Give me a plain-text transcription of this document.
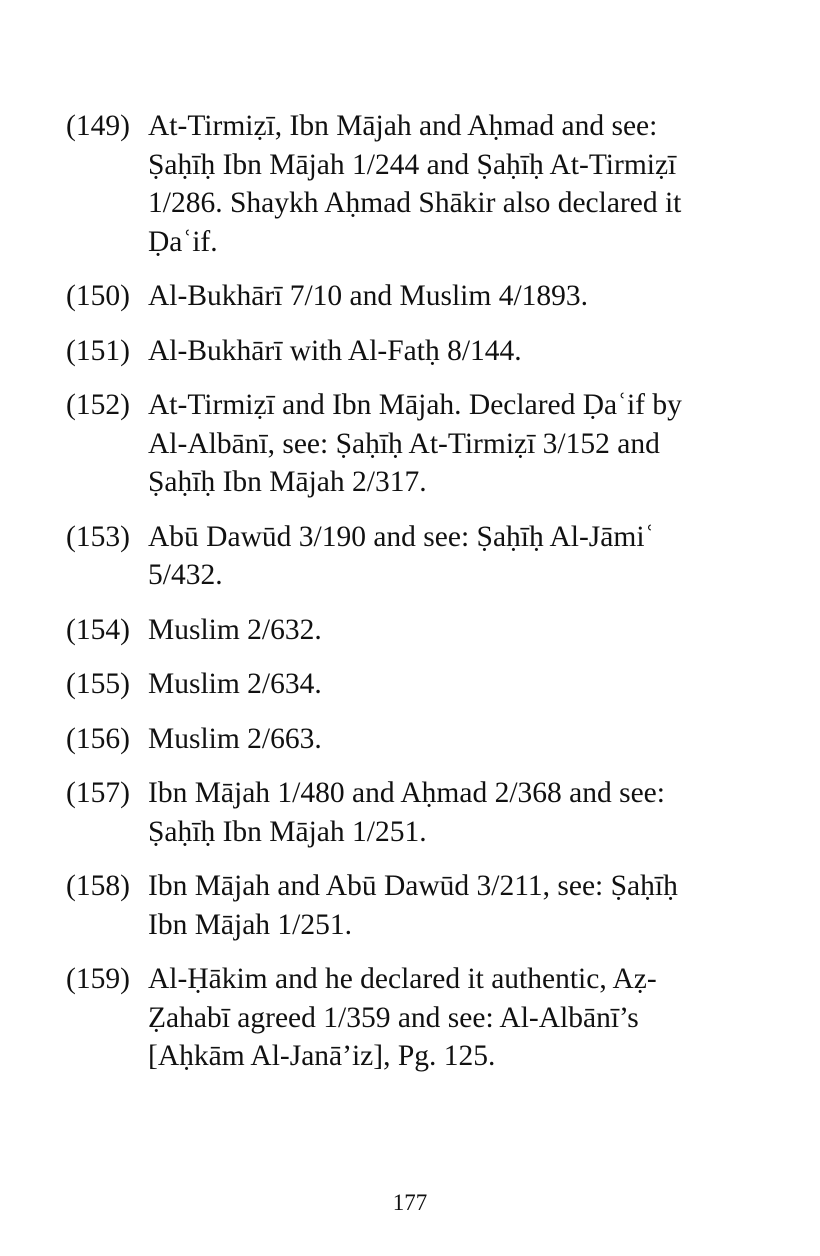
(149) At-Tirmiẓī, Ibn Mājah and Aḥmad and see:
Ṣaḥīḥ Ibn Mājah 1/244 and Ṣaḥīḥ At-Tirmiẓī
1/286. Shaykh Aḥmad Shākir also declared it
Ḍaʿif.
(150) Al-Bukhārī 7/10 and Muslim 4/1893.
(151) Al-Bukhārī with Al-Fatḥ 8/144.
(152) At-Tirmiẓī and Ibn Mājah. Declared Ḍaʿif by
Al-Albānī, see: Ṣaḥīḥ At-Tirmiẓī 3/152 and
Ṣaḥīḥ Ibn Mājah 2/317.
(153) Abū Dawūd 3/190 and see: Ṣaḥīḥ Al-Jāmiʿ
5/432.
(154) Muslim 2/632.
(155) Muslim 2/634.
(156) Muslim 2/663.
(157) Ibn Mājah 1/480 and Aḥmad 2/368 and see:
Ṣaḥīḥ Ibn Mājah 1/251.
(158) Ibn Mājah and Abū Dawūd 3/211, see: Ṣaḥīḥ
Ibn Mājah 1/251.
(159) Al-Ḥākim and he declared it authentic, Aẓ-
Ẓahabī agreed 1/359 and see: Al-Albānī’s
[Aḥkām Al-Janā’iz], Pg. 125.
177
